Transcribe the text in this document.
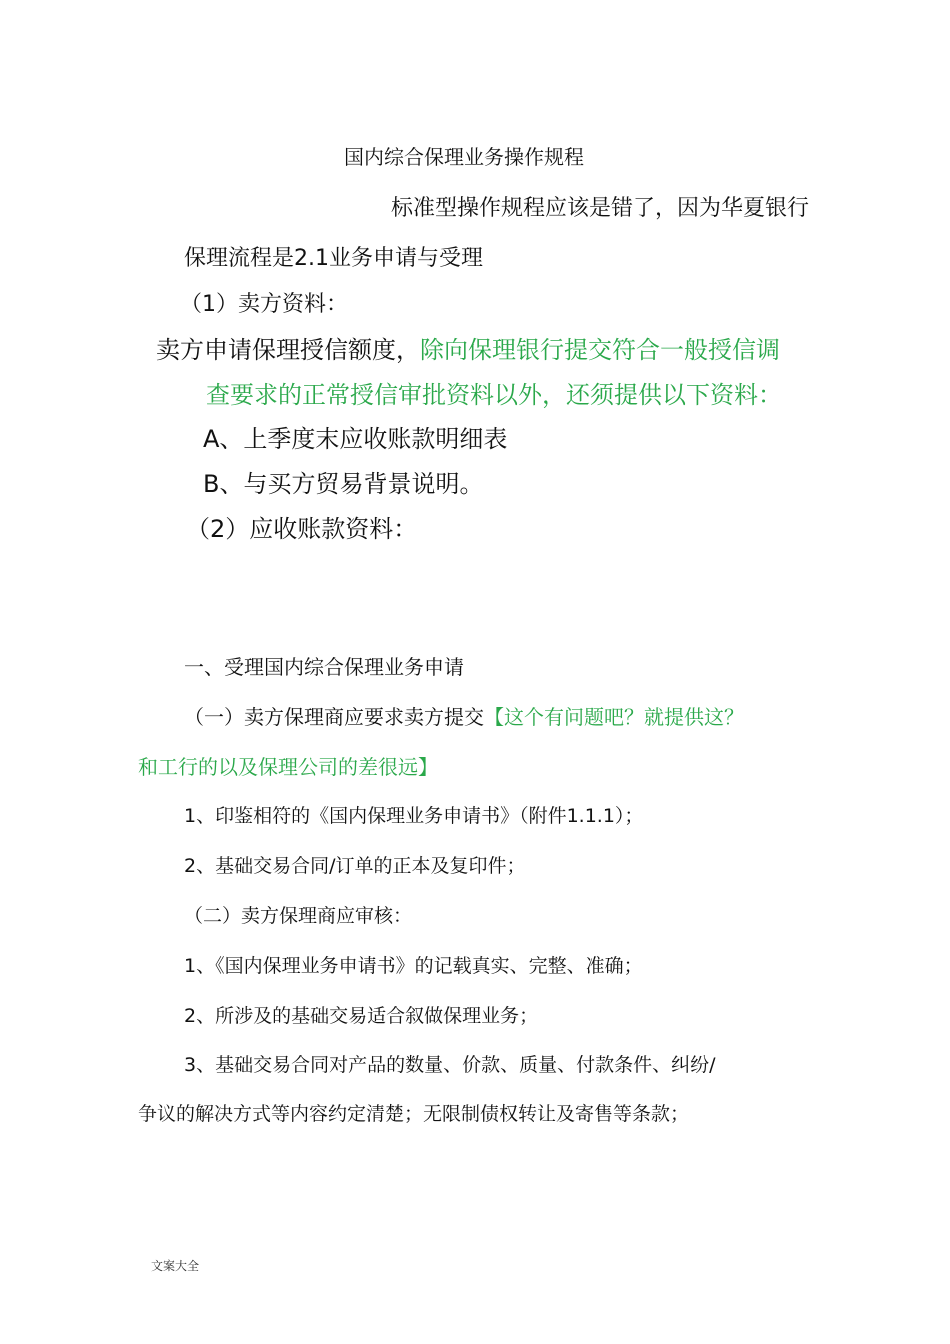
国内综合保理业务操作规程

标准型操作规程应该是错了，因为华夏银行

保理流程是2.1业务申请与受理

（1）卖方资料：

卖方申请保理授信额度，除向保理银行提交符合一般授信调

查要求的正常授信审批资料以外，还须提供以下资料：

A、上季度末应收账款明细表

B、与买方贸易背景说明。

（2）应收账款资料：

一、受理国内综合保理业务申请

（一）卖方保理商应要求卖方提交【这个有问题吧？就提供这？

和工行的以及保理公司的差很远】

1、印鉴相符的《国内保理业务申请书》（附件1.1.1）；

2、基础交易合同/订单的正本及复印件；

（二）卖方保理商应审核：

1、《国内保理业务申请书》的记载真实、完整、准确；

2、所涉及的基础交易适合叙做保理业务；

3、基础交易合同对产品的数量、价款、质量、付款条件、纠纷/

争议的解决方式等内容约定清楚；无限制债权转让及寄售等条款；

文案大全
